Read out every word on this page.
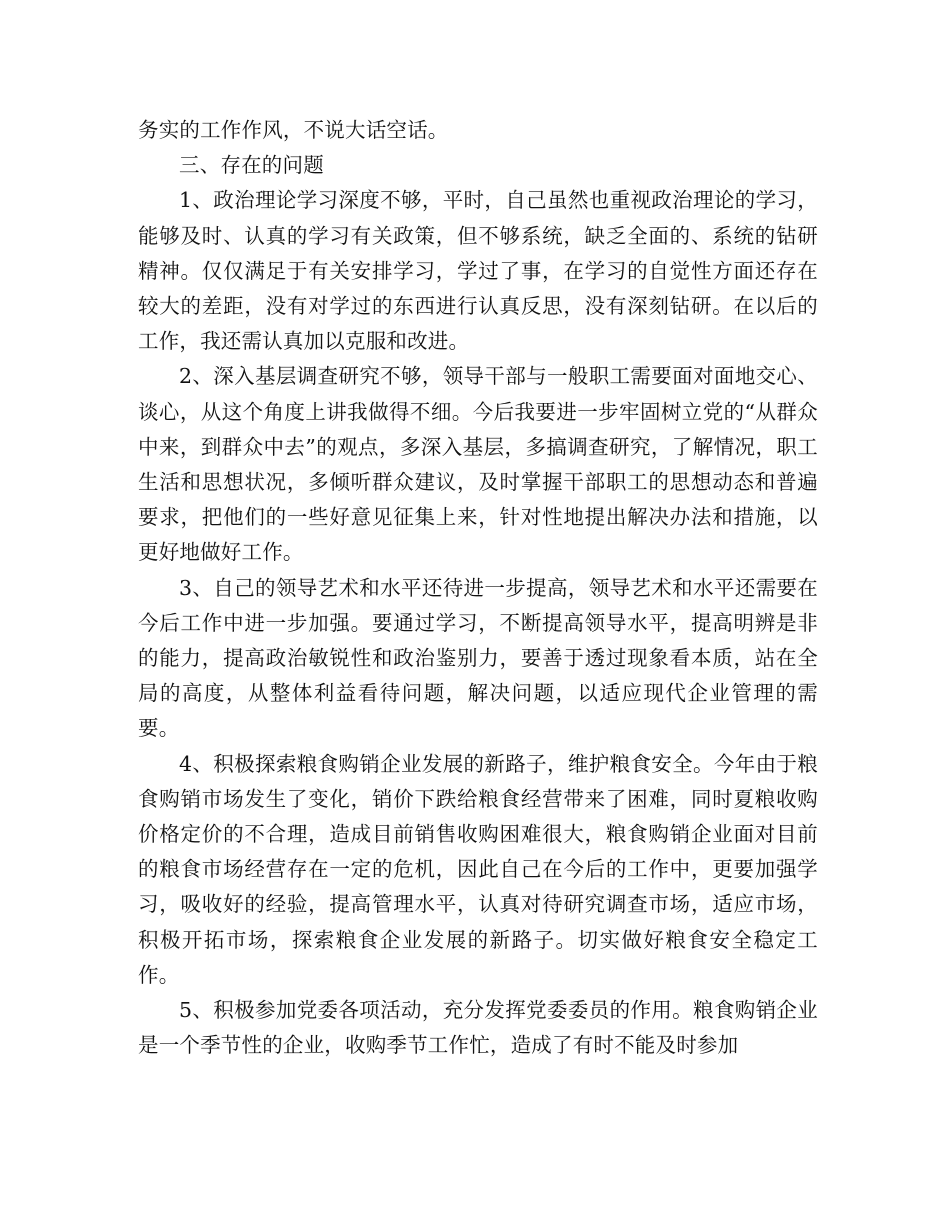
务实的工作作风，不说大话空话。

三、存在的问题

1、政治理论学习深度不够，平时，自己虽然也重视政治理论的学习，能够及时、认真的学习有关政策，但不够系统，缺乏全面的、系统的钻研精神。仅仅满足于有关安排学习，学过了事，在学习的自觉性方面还存在较大的差距，没有对学过的东西进行认真反思，没有深刻钻研。在以后的工作，我还需认真加以克服和改进。

2、深入基层调查研究不够，领导干部与一般职工需要面对面地交心、谈心，从这个角度上讲我做得不细。今后我要进一步牢固树立党的“从群众中来，到群众中去”的观点，多深入基层，多搞调查研究，了解情况，职工生活和思想状况，多倾听群众建议，及时掌握干部职工的思想动态和普遍要求，把他们的一些好意见征集上来，针对性地提出解决办法和措施，以更好地做好工作。

3、自己的领导艺术和水平还待进一步提高，领导艺术和水平还需要在今后工作中进一步加强。要通过学习，不断提高领导水平，提高明辨是非的能力，提高政治敏锐性和政治鉴别力，要善于透过现象看本质，站在全局的高度，从整体利益看待问题，解决问题，以适应现代企业管理的需要。

4、积极探索粮食购销企业发展的新路子，维护粮食安全。今年由于粮食购销市场发生了变化，销价下跌给粮食经营带来了困难，同时夏粮收购价格定价的不合理，造成目前销售收购困难很大，粮食购销企业面对目前的粮食市场经营存在一定的危机，因此自己在今后的工作中，更要加强学习，吸收好的经验，提高管理水平，认真对待研究调查市场，适应市场，积极开拓市场，探索粮食企业发展的新路子。切实做好粮食安全稳定工作。

5、积极参加党委各项活动，充分发挥党委委员的作用。粮食购销企业是一个季节性的企业，收购季节工作忙，造成了有时不能及时参加
